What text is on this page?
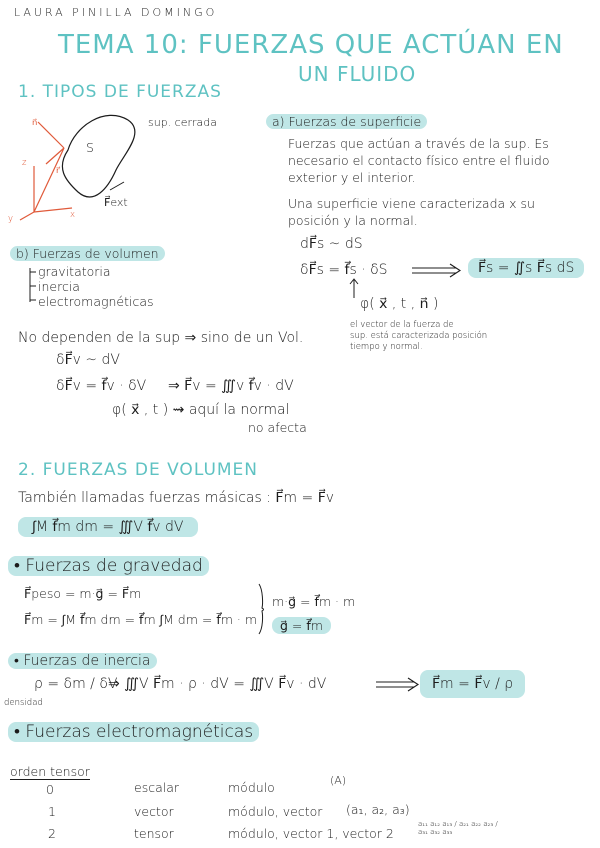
LAURA PINILLA DOMINGO
TEMA 10: FUERZAS QUE ACTÚAN EN
UN FLUIDO
1. TIPOS DE FUERZAS
S
sup. cerrada
F⃗ext
z
y	x
n⃗
r⃗
a) Fuerzas de superficie
Fuerzas que actúan a través de la sup. Es
necesario el contacto físico entre el fluido
exterior y el interior.
Una superficie viene caracterizada x su
posición y la normal.
dF⃗s ~ dS
δF⃗s = f⃗s · δS	F⃗s = ∬s F⃗s dS
φ( x⃗ , t , n⃗ )
el vector de la fuerza de
sup. está caracterizada posición
tiempo y normal.
b) Fuerzas de volumen
gravitatoria
inercia
electromagnéticas
No dependen de la sup ⇒ sino de un Vol.
δF⃗v ~ dV
δF⃗v = f⃗v · δV ⇒ F⃗v = ∭v f⃗v · dV
φ( x⃗ , t ) ⇝ aquí la normal
no afecta
2. FUERZAS DE VOLUMEN
También llamadas fuerzas másicas : F⃗m = F⃗v
∫M f⃗m dm = ∭V f⃗v dV
• Fuerzas de gravedad
F⃗peso = m·g⃗ = F⃗m
F⃗m = ∫M f⃗m dm = f⃗m ∫M dm = f⃗m · m
m·g⃗ = f⃗m · m
g⃗ = f⃗m
• Fuerzas de inercia
ρ = δm / δV
densidad
⇒ ∭V F⃗m · ρ · dV = ∭V F⃗v · dV	F⃗m = F⃗v / ρ
• Fuerzas electromagnéticas
orden tensor
0	escalar	módulo	(A)
1	vector	módulo, vector (a₁, a₂, a₃)
2	tensor	módulo, vector 1, vector 2
a₁₁ a₁₂ a₁₃ / a₂₁ a₂₂ a₂₃ / a₃₁ a₃₂ a₃₃
